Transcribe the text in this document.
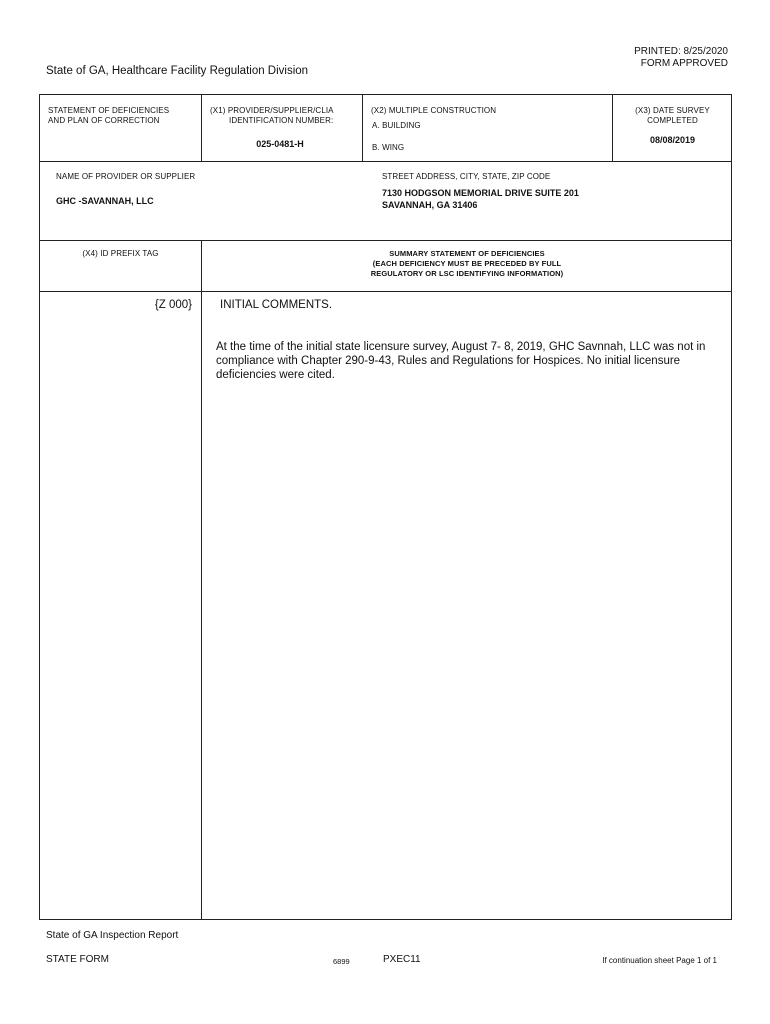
PRINTED: 8/25/2020
FORM APPROVED
State of GA, Healthcare Facility Regulation Division
STATEMENT OF DEFICIENCIES
AND PLAN OF CORRECTION
(X1) PROVIDER/SUPPLIER/CLIA
IDENTIFICATION NUMBER:
025-0481-H
(X2) MULTIPLE CONSTRUCTION
A. BUILDING
B. WING
(X3) DATE SURVEY
COMPLETED
08/08/2019
NAME OF PROVIDER OR SUPPLIER
GHC -SAVANNAH, LLC
STREET ADDRESS, CITY, STATE, ZIP CODE
7130 HODGSON MEMORIAL DRIVE SUITE 201
SAVANNAH, GA 31406
(X4) ID PREFIX TAG	SUMMARY STATEMENT OF DEFICIENCIES
(EACH DEFICIENCY MUST BE PRECEDED BY FULL
REGULATORY OR LSC IDENTIFYING INFORMATION)
{Z 000} INITIAL COMMENTS.
At the time of the initial state licensure survey, August 7- 8, 2019, GHC Savnnah, LLC was not in
compliance with Chapter 290-9-43, Rules and Regulations for Hospices. No initial licensure
deficiencies were cited.
State of GA Inspection Report
STATE FORM	6899	PXEC11	If continuation sheet Page 1 of 1
